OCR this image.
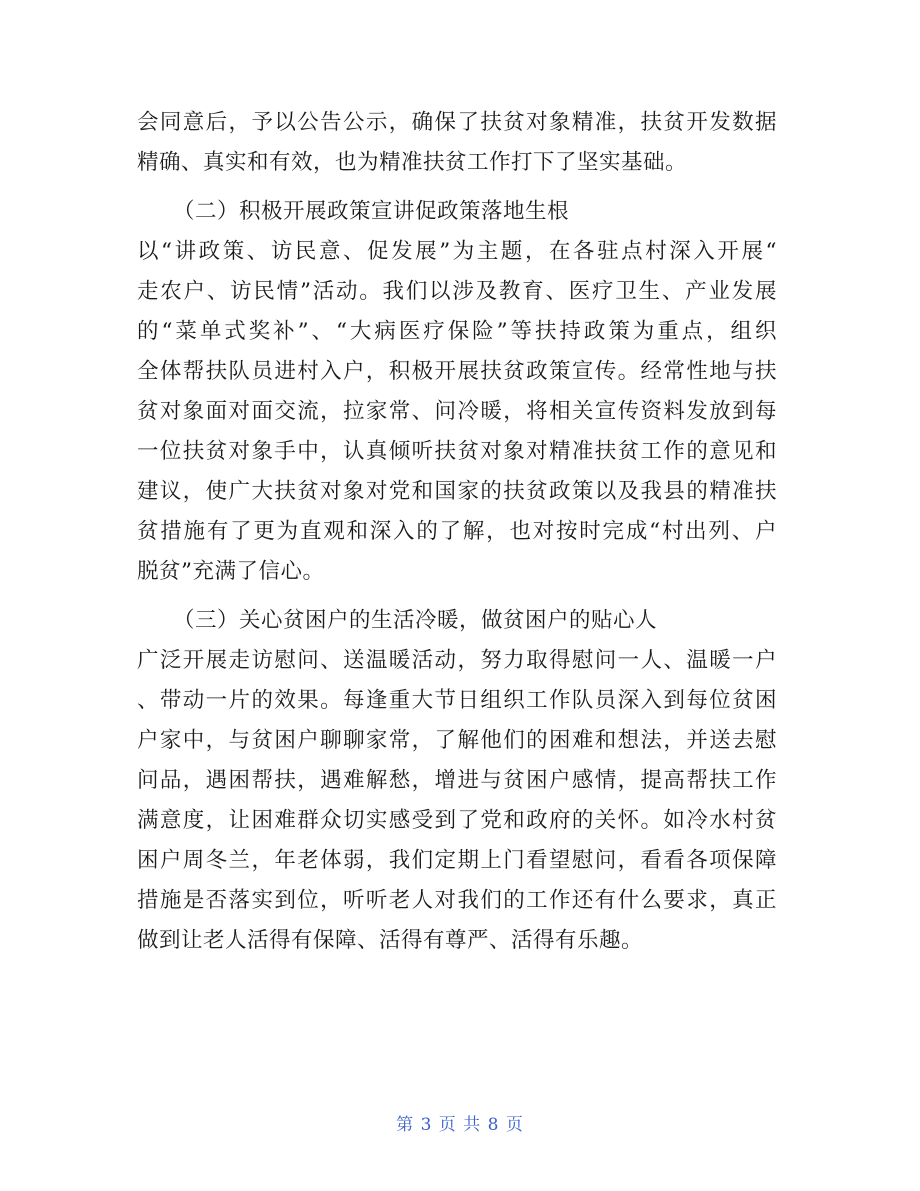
会同意后，予以公告公示，确保了扶贫对象精准，扶贫开发数据
精确、真实和有效，也为精准扶贫工作打下了坚实基础。
（二）积极开展政策宣讲促政策落地生根
以“讲政策、访民意、促发展”为主题，在各驻点村深入开展“
走农户、访民情”活动。我们以涉及教育、医疗卫生、产业发展
的“菜单式奖补”、“大病医疗保险”等扶持政策为重点，组织
全体帮扶队员进村入户，积极开展扶贫政策宣传。经常性地与扶
贫对象面对面交流，拉家常、问冷暖，将相关宣传资料发放到每
一位扶贫对象手中，认真倾听扶贫对象对精准扶贫工作的意见和
建议，使广大扶贫对象对党和国家的扶贫政策以及我县的精准扶
贫措施有了更为直观和深入的了解，也对按时完成“村出列、户
脱贫”充满了信心。
（三）关心贫困户的生活冷暖，做贫困户的贴心人
广泛开展走访慰问、送温暖活动，努力取得慰问一人、温暖一户
、带动一片的效果。每逢重大节日组织工作队员深入到每位贫困
户家中，与贫困户聊聊家常，了解他们的困难和想法，并送去慰
问品，遇困帮扶，遇难解愁，增进与贫困户感情，提高帮扶工作
满意度，让困难群众切实感受到了党和政府的关怀。如冷水村贫
困户周冬兰，年老体弱，我们定期上门看望慰问，看看各项保障
措施是否落实到位，听听老人对我们的工作还有什么要求，真正
做到让老人活得有保障、活得有尊严、活得有乐趣。
第 3 页 共 8 页
